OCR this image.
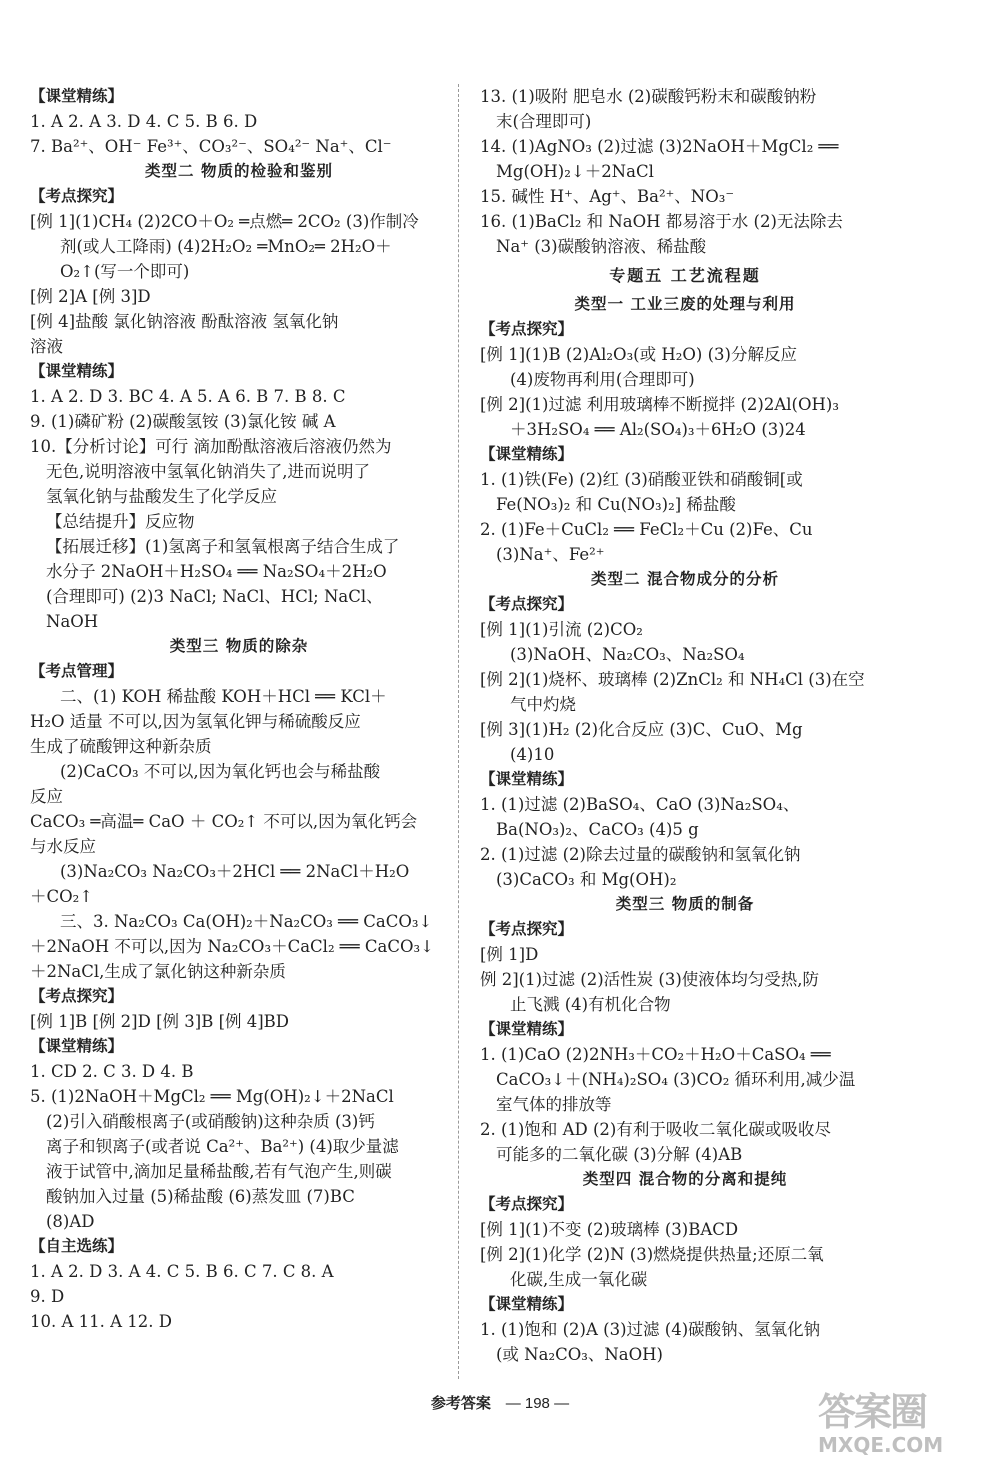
【 课堂精练 】
1. A 2. A 3. D 4. C 5. B 6. D
7. Ba²⁺、OH⁻ Fe³⁺、CO₃²⁻、SO₄²⁻ Na⁺、Cl⁻
类型二 物质的检验和鉴别
【 考点探究 】
[例 1](1)CH₄ (2)2CO＋O₂ ═点燃═ 2CO₂ (3)作制冷
剂(或人工降雨) (4)2H₂O₂ ═MnO₂═ 2H₂O＋
O₂↑(写一个即可)
[例 2]A [例 3]D
[例 4]盐酸 氯化钠溶液 酚酞溶液 氢氧化钠
溶液
【 课堂精练 】
1. A 2. D 3. BC 4. A 5. A 6. B 7. B 8. C
9. (1)磷矿粉 (2)碳酸氢铵 (3)氯化铵 碱 A
10.【分析讨论】可行 滴加酚酞溶液后溶液仍然为
无色,说明溶液中氢氧化钠消失了,进而说明了
氢氧化钠与盐酸发生了化学反应
【总结提升】反应物
【拓展迁移】(1)氢离子和氢氧根离子结合生成了
水分子 2NaOH＋H₂SO₄ ══ Na₂SO₄＋2H₂O
(合理即可) (2)3 NaCl; NaCl、HCl; NaCl、
NaOH
类型三 物质的除杂
【 考点管理 】
二、(1) KOH 稀盐酸 KOH＋HCl ══ KCl＋
H₂O 适量 不可以,因为氢氧化钾与稀硫酸反应
生成了硫酸钾这种新杂质
(2)CaCO₃ 不可以,因为氧化钙也会与稀盐酸
反应
CaCO₃ ═高温═ CaO ＋ CO₂↑ 不可以,因为氧化钙会
与水反应
(3)Na₂CO₃ Na₂CO₃＋2HCl ══ 2NaCl＋H₂O
＋CO₂↑
三、3. Na₂CO₃ Ca(OH)₂＋Na₂CO₃ ══ CaCO₃↓
＋2NaOH 不可以,因为 Na₂CO₃＋CaCl₂ ══ CaCO₃↓
＋2NaCl,生成了氯化钠这种新杂质
【 考点探究 】
[例 1]B [例 2]D [例 3]B [例 4]BD
【 课堂精练 】
1. CD 2. C 3. D 4. B
5. (1)2NaOH＋MgCl₂ ══ Mg(OH)₂↓＋2NaCl
(2)引入硝酸根离子(或硝酸钠)这种杂质 (3)钙
离子和钡离子(或者说 Ca²⁺、Ba²⁺) (4)取少量滤
液于试管中,滴加足量稀盐酸,若有气泡产生,则碳
酸钠加入过量 (5)稀盐酸 (6)蒸发皿 (7)BC
(8)AD
【 自主选练 】
1. A 2. D 3. A 4. C 5. B 6. C 7. C 8. A
9. D
10. A 11. A 12. D
13. (1)吸附 肥皂水 (2)碳酸钙粉末和碳酸钠粉
末(合理即可)
14. (1)AgNO₃ (2)过滤 (3)2NaOH＋MgCl₂ ══
Mg(OH)₂↓＋2NaCl
15. 碱性 H⁺、Ag⁺、Ba²⁺、NO₃⁻
16. (1)BaCl₂ 和 NaOH 都易溶于水 (2)无法除去
Na⁺ (3)碳酸钠溶液、稀盐酸
专题五 工艺流程题
类型一 工业三废的处理与利用
【 考点探究 】
[例 1](1)B (2)Al₂O₃(或 H₂O) (3)分解反应
(4)废物再利用(合理即可)
[例 2](1)过滤 利用玻璃棒不断搅拌 (2)2Al(OH)₃
＋3H₂SO₄ ══ Al₂(SO₄)₃＋6H₂O (3)24
【 课堂精练 】
1. (1)铁(Fe) (2)红 (3)硝酸亚铁和硝酸铜[或
Fe(NO₃)₂ 和 Cu(NO₃)₂] 稀盐酸
2. (1)Fe＋CuCl₂ ══ FeCl₂＋Cu (2)Fe、Cu
(3)Na⁺、Fe²⁺
类型二 混合物成分的分析
【 考点探究 】
[例 1](1)引流 (2)CO₂
(3)NaOH、Na₂CO₃、Na₂SO₄
[例 2](1)烧杯、玻璃棒 (2)ZnCl₂ 和 NH₄Cl (3)在空
气中灼烧
[例 3](1)H₂ (2)化合反应 (3)C、CuO、Mg
(4)10
【 课堂精练 】
1. (1)过滤 (2)BaSO₄、CaO (3)Na₂SO₄、
Ba(NO₃)₂、CaCO₃ (4)5 g
2. (1)过滤 (2)除去过量的碳酸钠和氢氧化钠
(3)CaCO₃ 和 Mg(OH)₂
类型三 物质的制备
【 考点探究 】
[例 1]D
例 2](1)过滤 (2)活性炭 (3)使液体均匀受热,防
止飞溅 (4)有机化合物
【 课堂精练 】
1. (1)CaO (2)2NH₃＋CO₂＋H₂O＋CaSO₄ ══
CaCO₃↓＋(NH₄)₂SO₄ (3)CO₂ 循环利用,减少温
室气体的排放等
2. (1)饱和 AD (2)有利于吸收二氧化碳或吸收尽
可能多的二氧化碳 (3)分解 (4)AB
类型四 混合物的分离和提纯
【 考点探究 】
[例 1](1)不变 (2)玻璃棒 (3)BACD
[例 2](1)化学 (2)N (3)燃烧提供热量;还原二氧
化碳,生成一氧化碳
【 课堂精练 】
1. (1)饱和 (2)A (3)过滤 (4)碳酸钠、氢氧化钠
(或 Na₂CO₃、NaOH)
参考答案 — 198 —	答案圈
MXQE.COM
